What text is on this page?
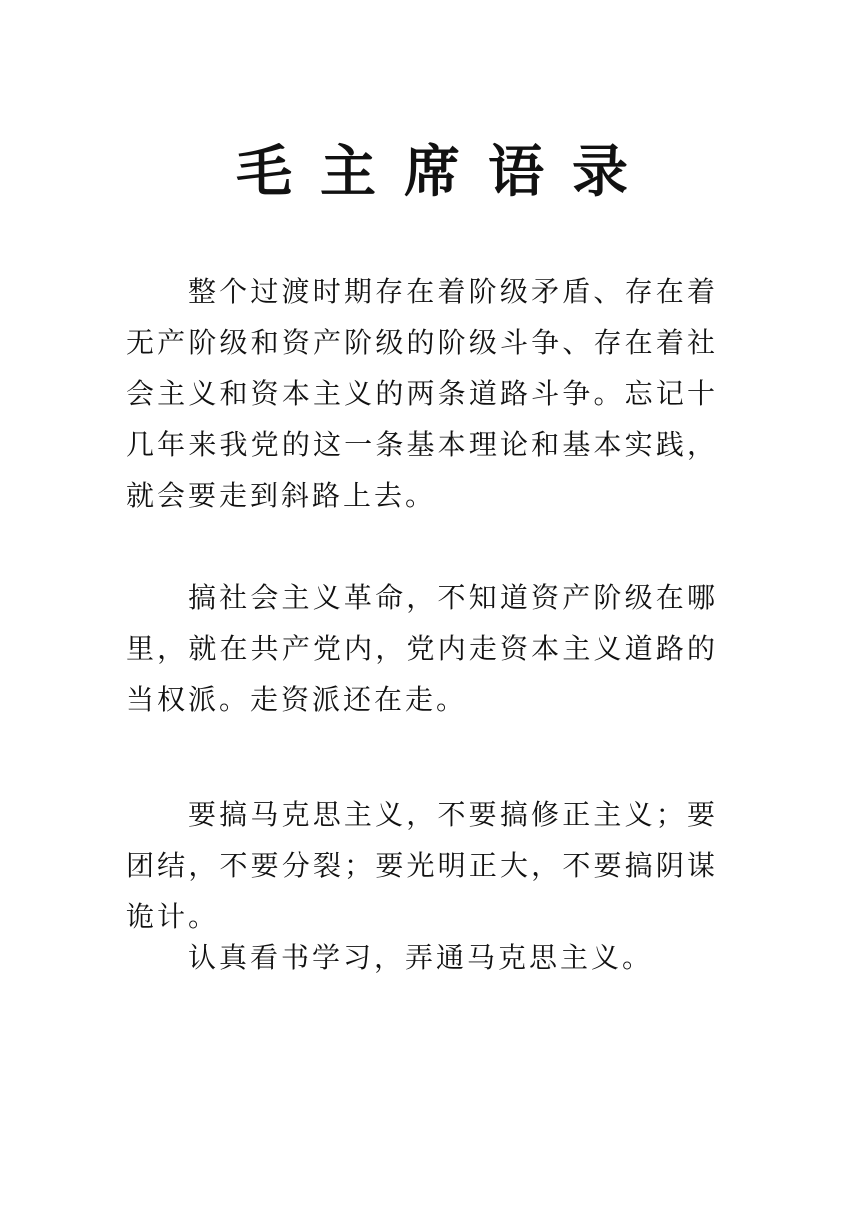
毛主席语录

整个过渡时期存在着阶级矛盾、存在着无产阶级和资产阶级的阶级斗争、存在着社会主义和资本主义的两条道路斗争。忘记十几年来我党的这一条基本理论和基本实践，就会要走到斜路上去。

搞社会主义革命，不知道资产阶级在哪里，就在共产党内，党内走资本主义道路的当权派。走资派还在走。

要搞马克思主义，不要搞修正主义；要团结，不要分裂；要光明正大，不要搞阴谋诡计。

认真看书学习，弄通马克思主义。
